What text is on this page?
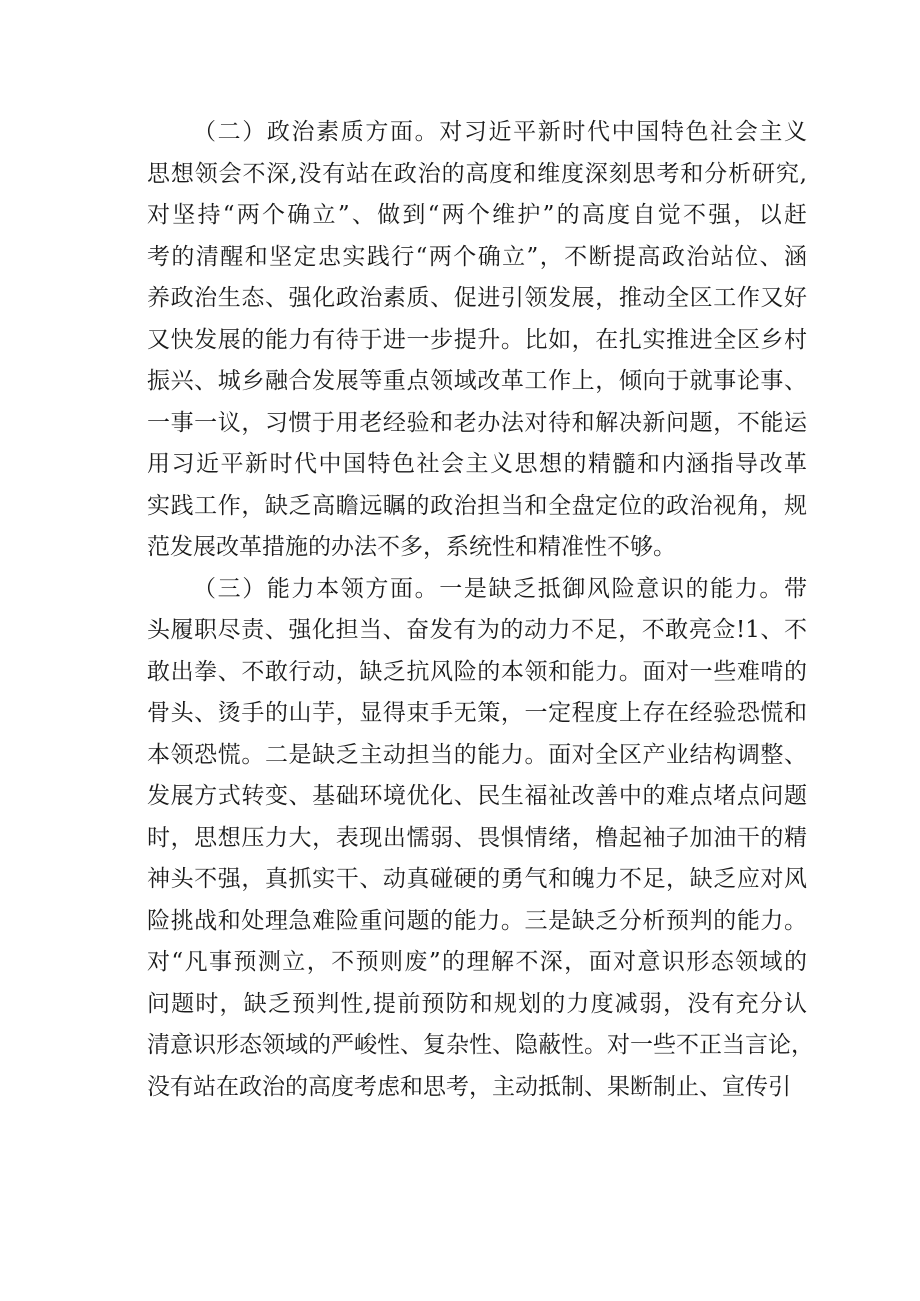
（二）政治素质方面。对习近平新时代中国特色社会主义
思想领会不深,没有站在政治的高度和维度深刻思考和分析研究,
对坚持“两个确立”、做到“两个维护”的高度自觉不强，以赶
考的清醒和坚定忠实践行“两个确立”，不断提高政治站位、涵
养政治生态、强化政治素质、促进引领发展，推动全区工作又好
又快发展的能力有待于进一步提升。比如，在扎实推进全区乡村
振兴、城乡融合发展等重点领域改革工作上，倾向于就事论事、
一事一议，习惯于用老经验和老办法对待和解决新问题，不能运
用习近平新时代中国特色社会主义思想的精髓和内涵指导改革
实践工作，缺乏高瞻远瞩的政治担当和全盘定位的政治视角，规
范发展改革措施的办法不多，系统性和精准性不够。
（三）能力本领方面。一是缺乏抵御风险意识的能力。带
头履职尽责、强化担当、奋发有为的动力不足，不敢亮佥!1、不
敢出拳、不敢行动，缺乏抗风险的本领和能力。面对一些难啃的
骨头、烫手的山芋，显得束手无策，一定程度上存在经验恐慌和
本领恐慌。二是缺乏主动担当的能力。面对全区产业结构调整、
发展方式转变、基础环境优化、民生福祉改善中的难点堵点问题
时，思想压力大，表现出懦弱、畏惧情绪，橹起袖子加油干的精
神头不强，真抓实干、动真碰硬的勇气和魄力不足，缺乏应对风
险挑战和处理急难险重问题的能力。三是缺乏分析预判的能力。
对“凡事预测立，不预则废”的理解不深，面对意识形态领域的
问题时，缺乏预判性,提前预防和规划的力度减弱，没有充分认
清意识形态领域的严峻性、复杂性、隐蔽性。对一些不正当言论，
没有站在政治的高度考虑和思考，主动抵制、果断制止、宣传引
